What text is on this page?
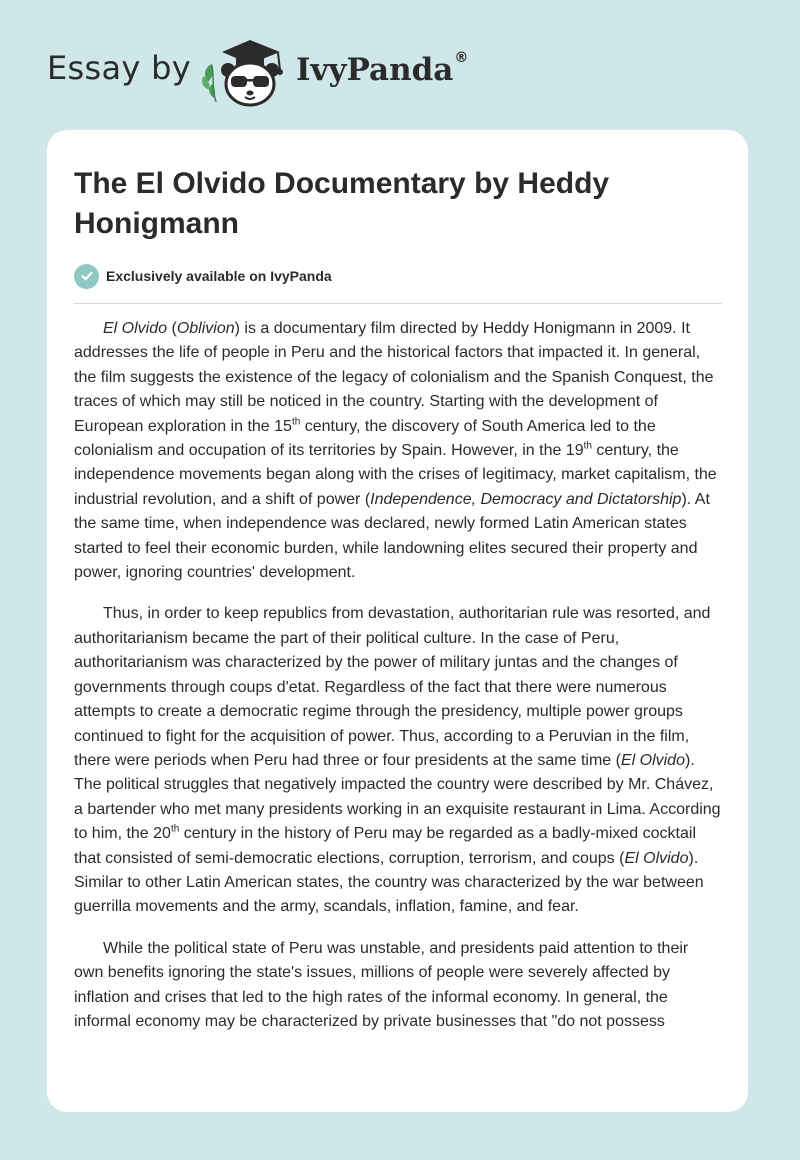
Essay by	IvyPanda®
The El Olvido Documentary by Heddy Honigmann
Exclusively available on IvyPanda

El Olvido (Oblivion) is a documentary film directed by Heddy Honigmann in 2009. It addresses the life of people in Peru and the historical factors that impacted it. In general, the film suggests the existence of the legacy of colonialism and the Spanish Conquest, the traces of which may still be noticed in the country. Starting with the development of European exploration in the 15th century, the discovery of South America led to the colonialism and occupation of its territories by Spain. However, in the 19th century, the independence movements began along with the crises of legitimacy, market capitalism, the industrial revolution, and a shift of power (Independence, Democracy and Dictatorship). At the same time, when independence was declared, newly formed Latin American states started to feel their economic burden, while landowning elites secured their property and power, ignoring countries' development.

Thus, in order to keep republics from devastation, authoritarian rule was resorted, and authoritarianism became the part of their political culture. In the case of Peru, authoritarianism was characterized by the power of military juntas and the changes of governments through coups d'etat. Regardless of the fact that there were numerous attempts to create a democratic regime through the presidency, multiple power groups continued to fight for the acquisition of power. Thus, according to a Peruvian in the film, there were periods when Peru had three or four presidents at the same time (El Olvido). The political struggles that negatively impacted the country were described by Mr. Chávez, a bartender who met many presidents working in an exquisite restaurant in Lima. According to him, the 20th century in the history of Peru may be regarded as a badly-mixed cocktail that consisted of semi-democratic elections, corruption, terrorism, and coups (El Olvido). Similar to other Latin American states, the country was characterized by the war between guerrilla movements and the army, scandals, inflation, famine, and fear.

While the political state of Peru was unstable, and presidents paid attention to their own benefits ignoring the state's issues, millions of people were severely affected by inflation and crises that led to the high rates of the informal economy. In general, the informal economy may be characterized by private businesses that "do not possess
